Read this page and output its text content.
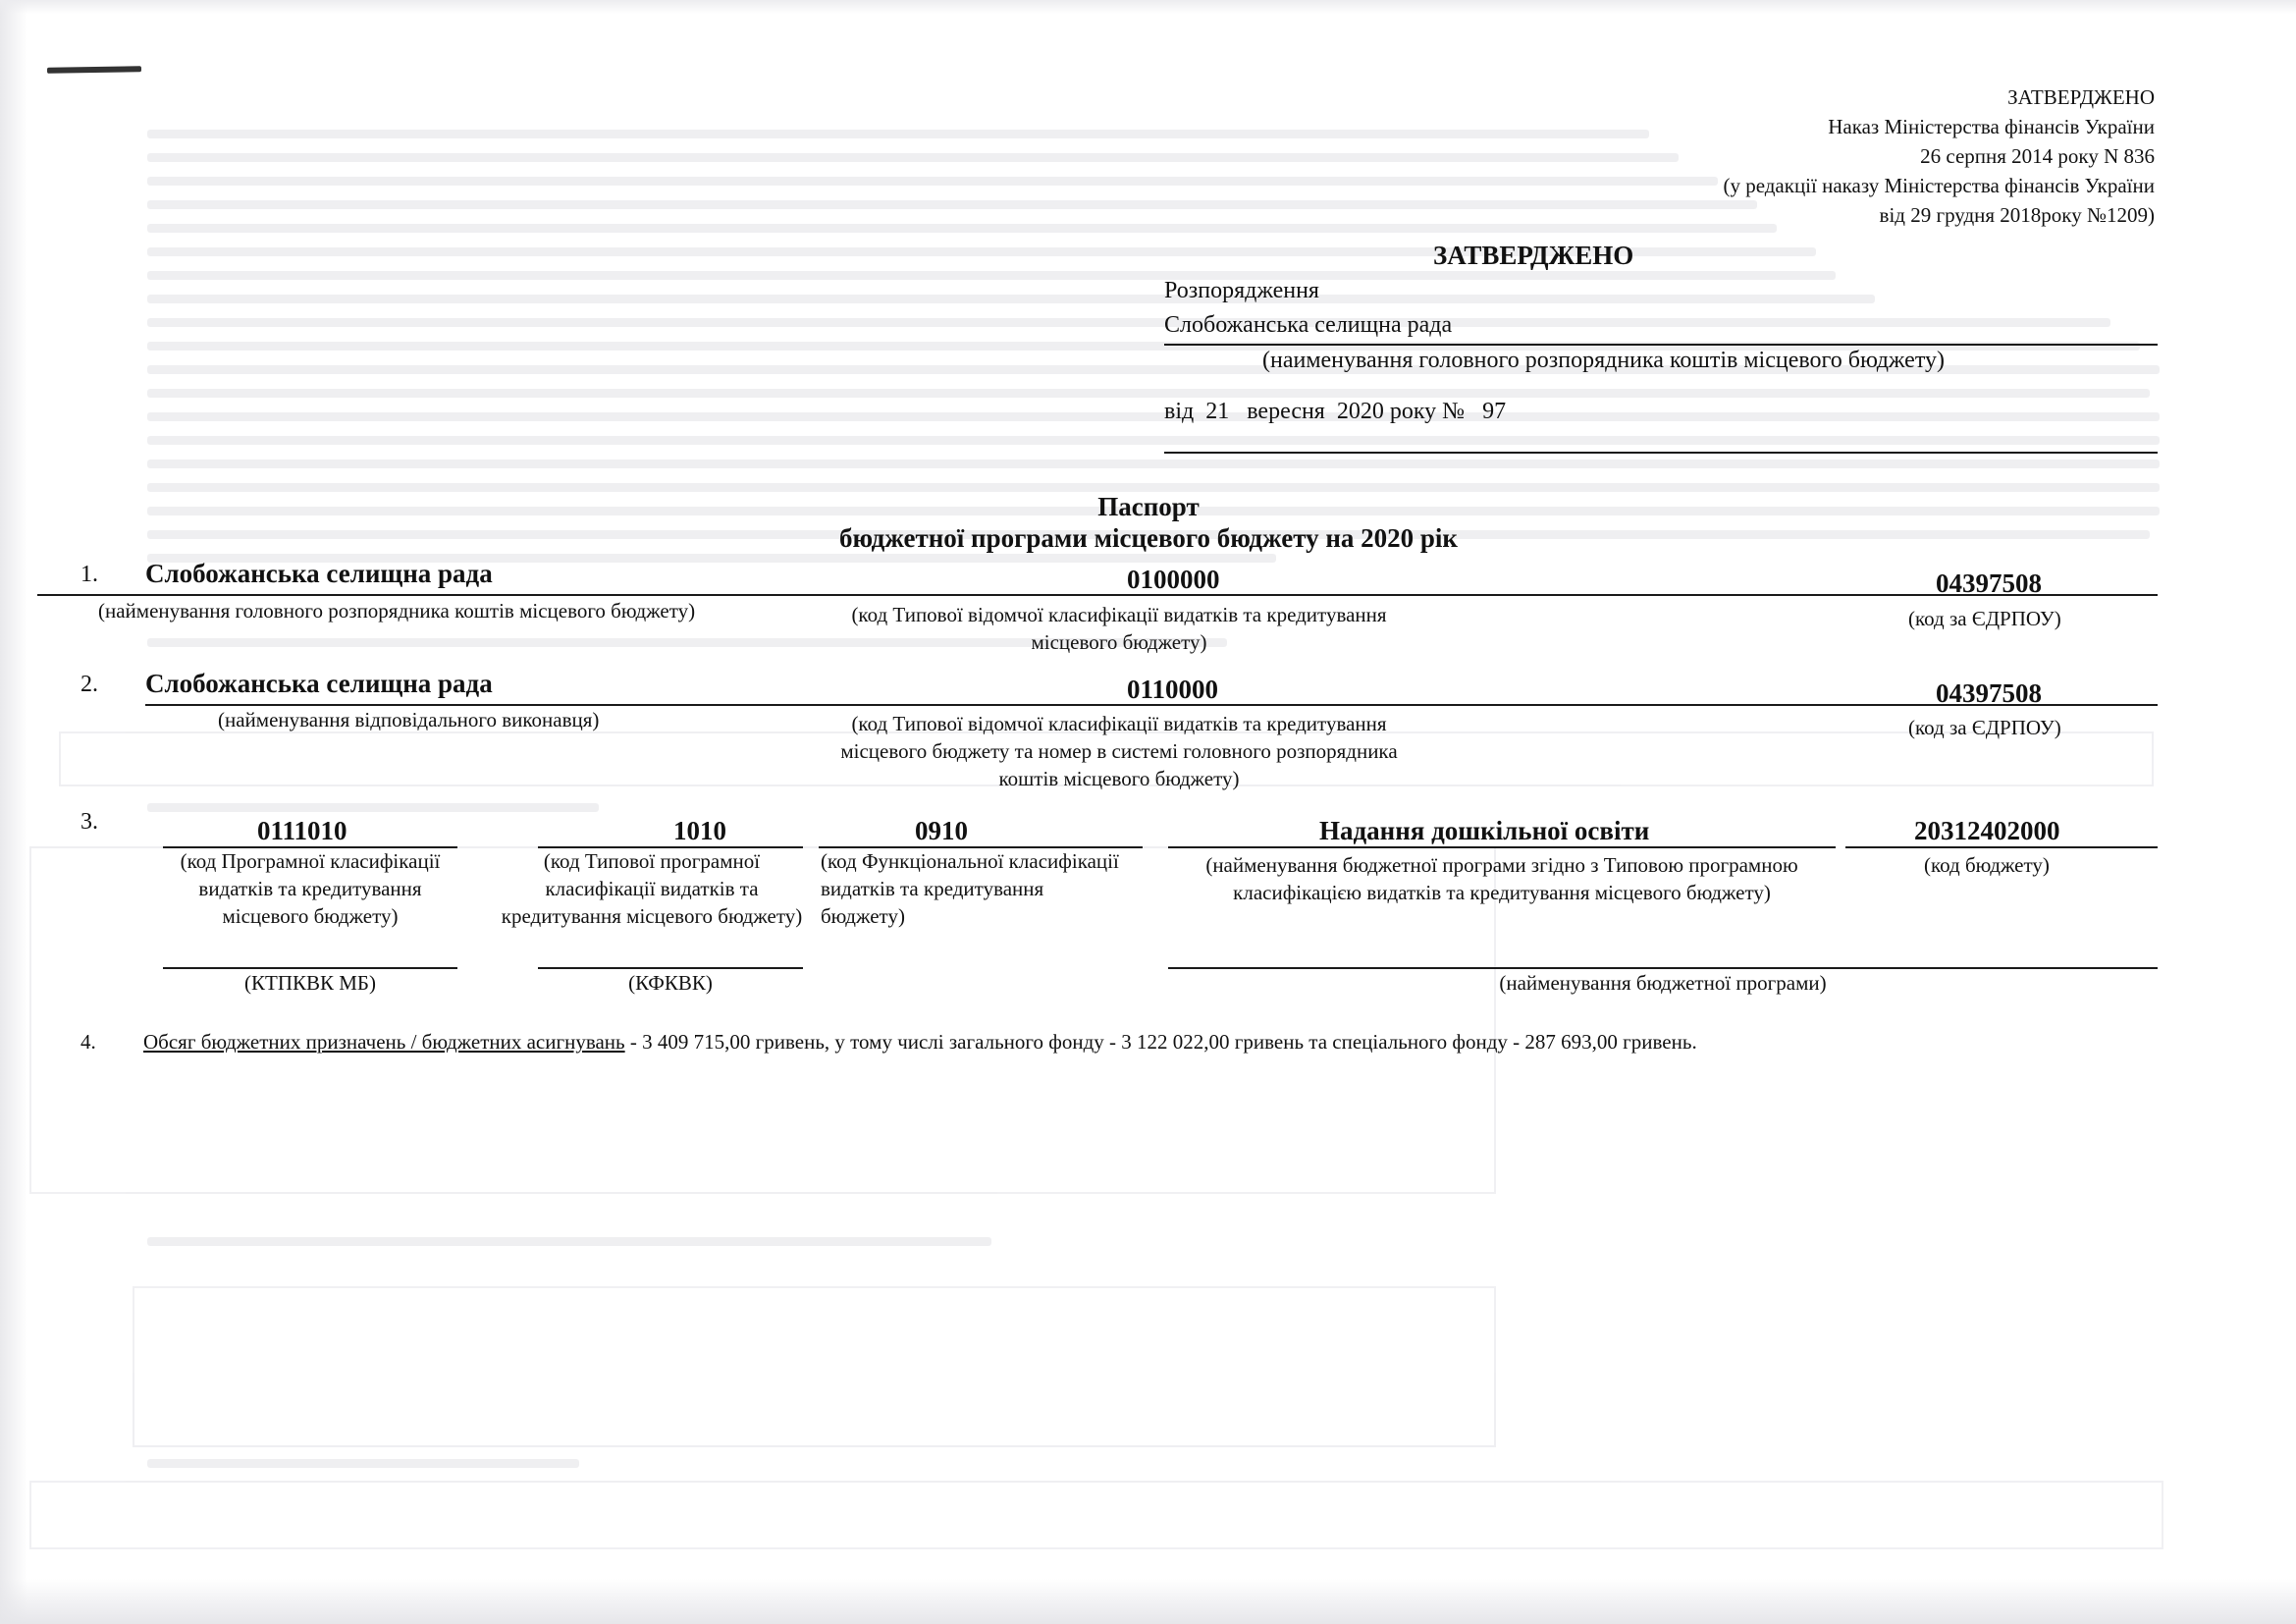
ЗАТВЕРДЖЕНО
Наказ Міністерства фінансів України
26 серпня 2014 року N 836
(у редакції наказу Міністерства фінансів України
від 29 грудня 2018року №1209)
ЗАТВЕРДЖЕНО
Розпорядження
Слобожанська селищна рада
(наименування головного розпорядника коштів місцевого бюджету)
від 21 вересня 2020 року № 97
Паспорт
бюджетної програми місцевого бюджету на 2020 рік
1. Слобожанська селищна рада	0100000	04397508
(найменування головного розпорядника коштів місцевого бюджету)	(код Типової відомчої класифікації видатків та кредитування
місцевого бюджету)
(код за ЄДРПОУ)
2. Слобожанська селищна рада	0110000	04397508
(найменування відповідального виконавця)	(код Типової відомчої класифікації видатків та кредитування
місцевого бюджету та номер в системі головного розпорядника
коштів місцевого бюджету)
(код за ЄДРПОУ)
3.	0111010	1010	0910	Надання дошкільної освіти	20312402000
(код Програмної класифікації
видатків та кредитування
місцевого бюджету)
(код Типової програмної
класифікації видатків та
кредитування місцевого бюджету)
(код Функціональної класифікації
видатків та кредитування
бюджету)
(найменування бюджетної програми згідно з Типовою програмною
класифікацією видатків та кредитування місцевого бюджету)
(код бюджету)
(КТПКВК МБ)	(КФКВК)	(найменування бюджетної програми)
4. Обсяг бюджетних призначень / бюджетних асигнувань - 3 409 715,00 гривень, у тому числі загального фонду - 3 122 022,00 гривень та спеціального фонду - 287 693,00 гривень.
